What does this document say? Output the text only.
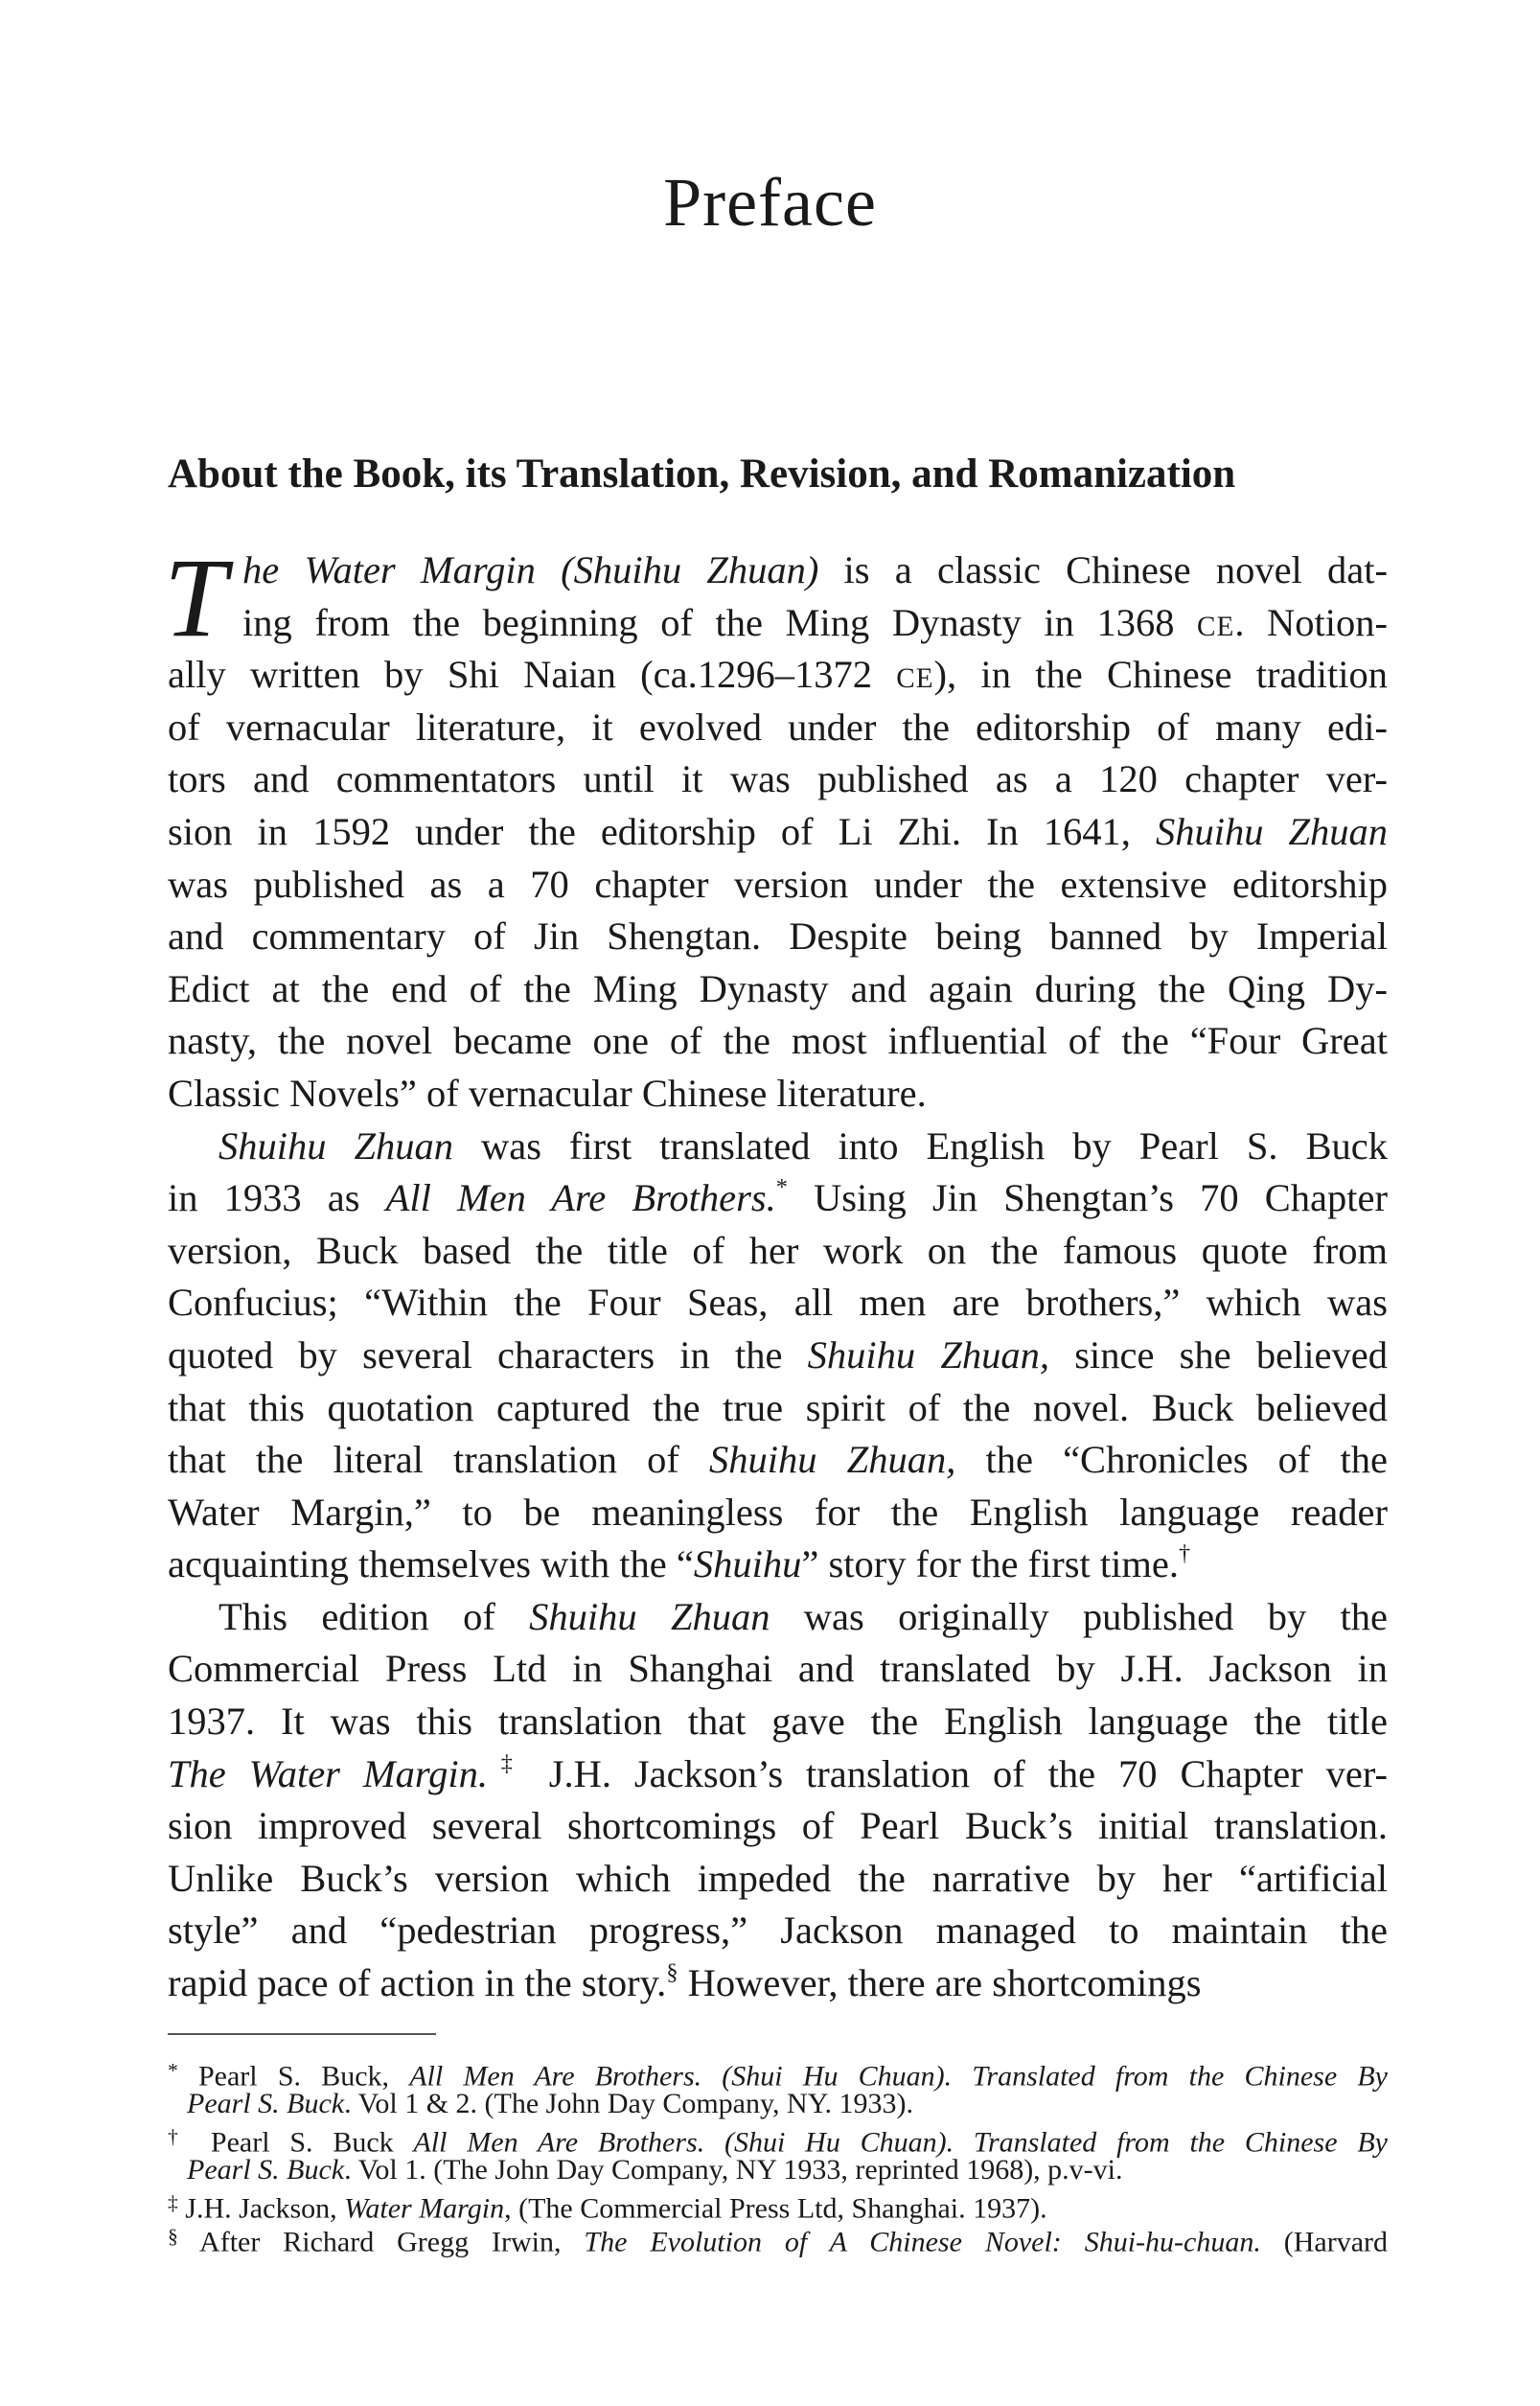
Preface
About the Book, its Translation, Revision, and Romanization
T he Water Margin (Shuihu Zhuan) is a classic Chinese novel dat-
ing from the beginning of the Ming Dynasty in 1368 CE. Notion-
ally written by Shi Naian (ca.1296–1372 CE), in the Chinese tradition
of vernacular literature, it evolved under the editorship of many edi-
tors and commentators until it was published as a 120 chapter ver-
sion in 1592 under the editorship of Li Zhi. In 1641, Shuihu Zhuan
was published as a 70 chapter version under the extensive editorship
and commentary of Jin Shengtan. Despite being banned by Imperial
Edict at the end of the Ming Dynasty and again during the Qing Dy-
nasty, the novel became one of the most influential of the “Four Great
Classic Novels” of vernacular Chinese literature.
Shuihu Zhuan was first translated into English by Pearl S. Buck
in 1933 as All Men Are Brothers.* Using Jin Shengtan’s 70 Chapter
version, Buck based the title of her work on the famous quote from
Confucius; “Within the Four Seas, all men are brothers,” which was
quoted by several characters in the Shuihu Zhuan, since she believed
that this quotation captured the true spirit of the novel. Buck believed
that the literal translation of Shuihu Zhuan, the “Chronicles of the
Water Margin,” to be meaningless for the English language reader
acquainting themselves with the “Shuihu” story for the first time.†
This edition of Shuihu Zhuan was originally published by the
Commercial Press Ltd in Shanghai and translated by J.H. Jackson in
1937. It was this translation that gave the English language the title
The Water Margin.‡ J.H. Jackson’s translation of the 70 Chapter ver-
sion improved several shortcomings of Pearl Buck’s initial translation.
Unlike Buck’s version which impeded the narrative by her “artificial
style” and “pedestrian progress,” Jackson managed to maintain the
rapid pace of action in the story.§ However, there are shortcomings
* Pearl S. Buck, All Men Are Brothers. (Shui Hu Chuan). Translated from the Chinese By
Pearl S. Buck. Vol 1 & 2. (The John Day Company, NY. 1933).
† Pearl S. Buck All Men Are Brothers. (Shui Hu Chuan). Translated from the Chinese By
Pearl S. Buck. Vol 1. (The John Day Company, NY 1933, reprinted 1968), p.v-vi.
‡ J.H. Jackson, Water Margin, (The Commercial Press Ltd, Shanghai. 1937).
§ After Richard Gregg Irwin, The Evolution of A Chinese Novel: Shui-hu-chuan. (Harvard
